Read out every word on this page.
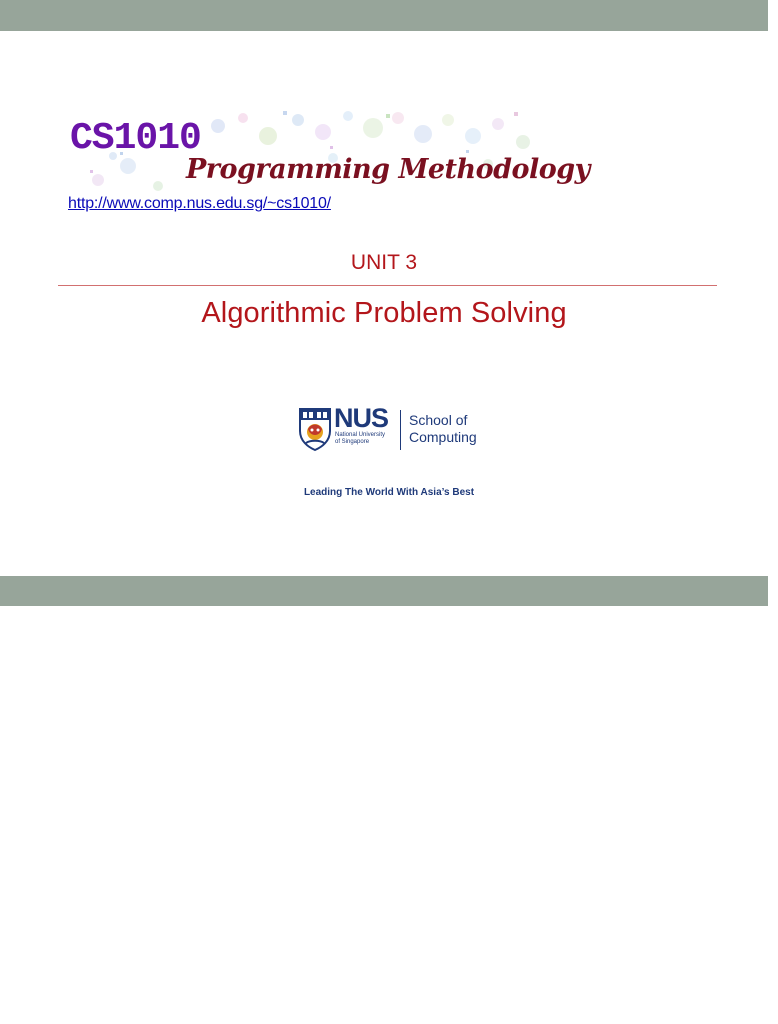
CS1010
Programming Methodology
http://www.comp.nus.edu.sg/~cs1010/
UNIT 3
Algorithmic Problem Solving
NUS
National University
of Singapore
School of
Computing
Leading The World With Asia’s Best
